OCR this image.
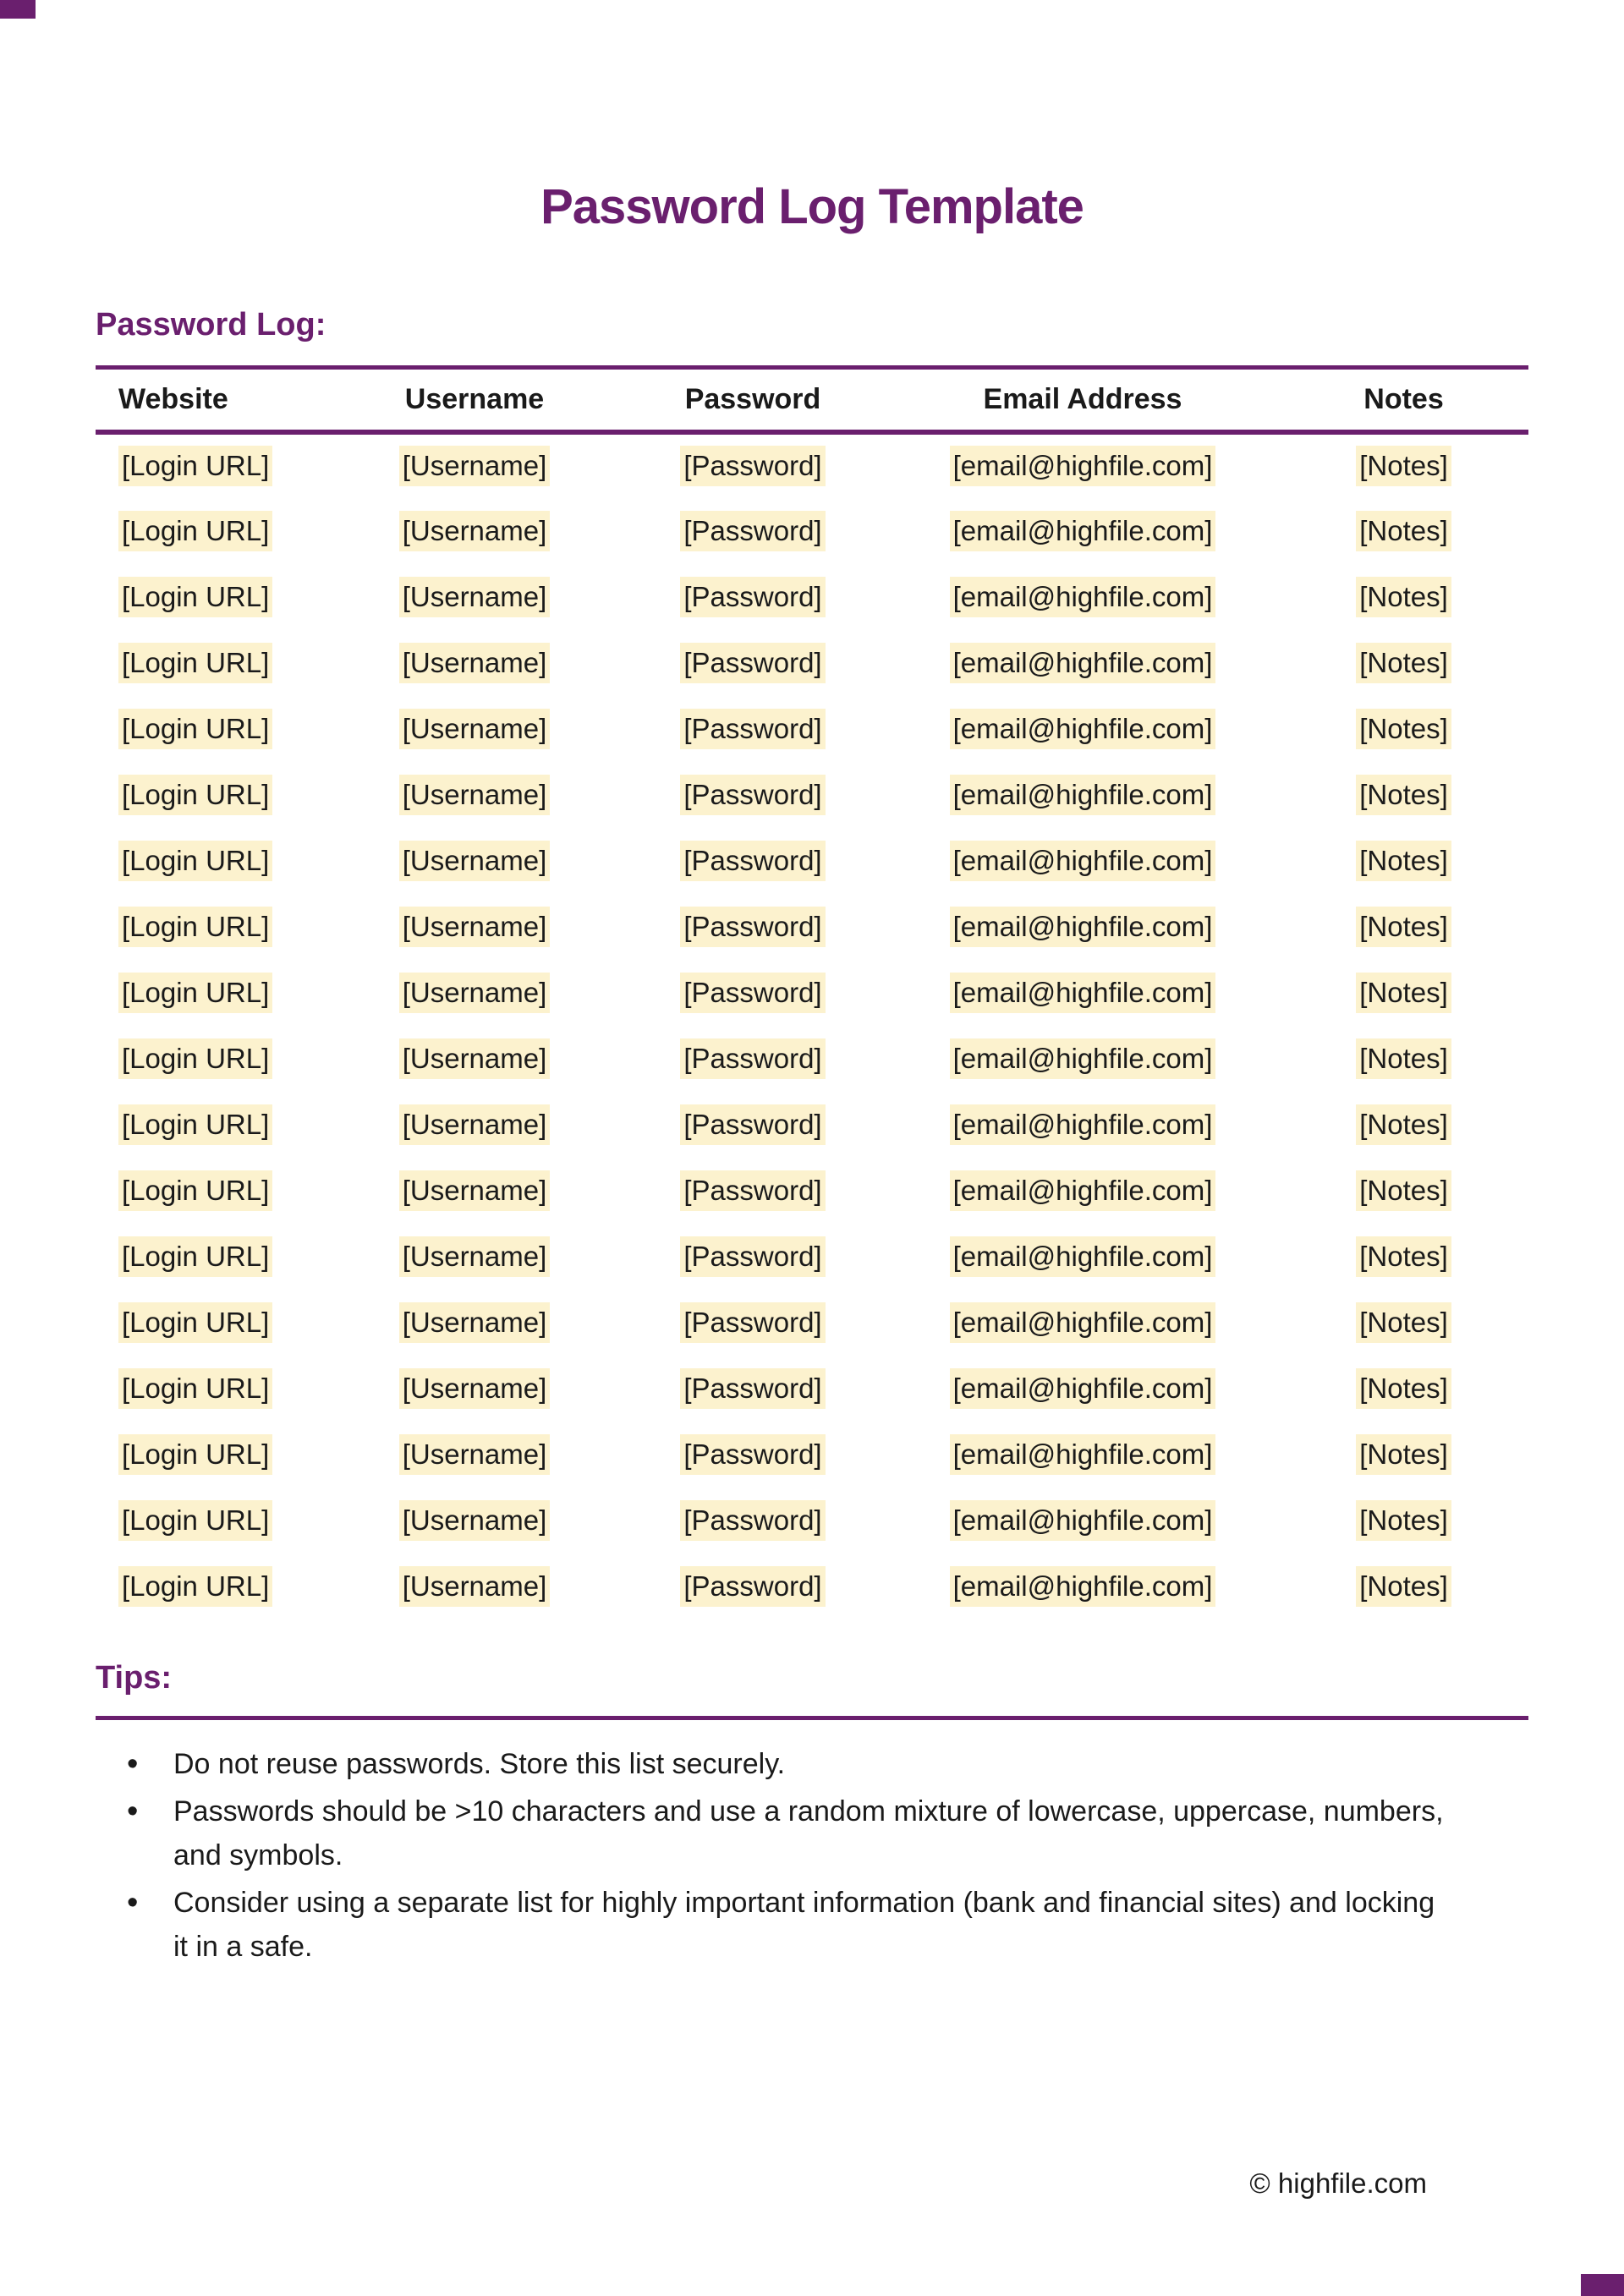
Password Log Template
Password Log:
Website	Username	Password	Email Address	Notes
[Login URL]	[Username]	[Password]	[email@highfile.com]	[Notes]
[Login URL]	[Username]	[Password]	[email@highfile.com]	[Notes]
[Login URL]	[Username]	[Password]	[email@highfile.com]	[Notes]
[Login URL]	[Username]	[Password]	[email@highfile.com]	[Notes]
[Login URL]	[Username]	[Password]	[email@highfile.com]	[Notes]
[Login URL]	[Username]	[Password]	[email@highfile.com]	[Notes]
[Login URL]	[Username]	[Password]	[email@highfile.com]	[Notes]
[Login URL]	[Username]	[Password]	[email@highfile.com]	[Notes]
[Login URL]	[Username]	[Password]	[email@highfile.com]	[Notes]
[Login URL]	[Username]	[Password]	[email@highfile.com]	[Notes]
[Login URL]	[Username]	[Password]	[email@highfile.com]	[Notes]
[Login URL]	[Username]	[Password]	[email@highfile.com]	[Notes]
[Login URL]	[Username]	[Password]	[email@highfile.com]	[Notes]
[Login URL]	[Username]	[Password]	[email@highfile.com]	[Notes]
[Login URL]	[Username]	[Password]	[email@highfile.com]	[Notes]
[Login URL]	[Username]	[Password]	[email@highfile.com]	[Notes]
[Login URL]	[Username]	[Password]	[email@highfile.com]	[Notes]
[Login URL]	[Username]	[Password]	[email@highfile.com]	[Notes]
Tips:
• Do not reuse passwords. Store this list securely.
• Passwords should be >10 characters and use a random mixture of lowercase, uppercase, numbers,
and symbols.
• Consider using a separate list for highly important information (bank and financial sites) and locking
it in a safe.
© highfile.com
